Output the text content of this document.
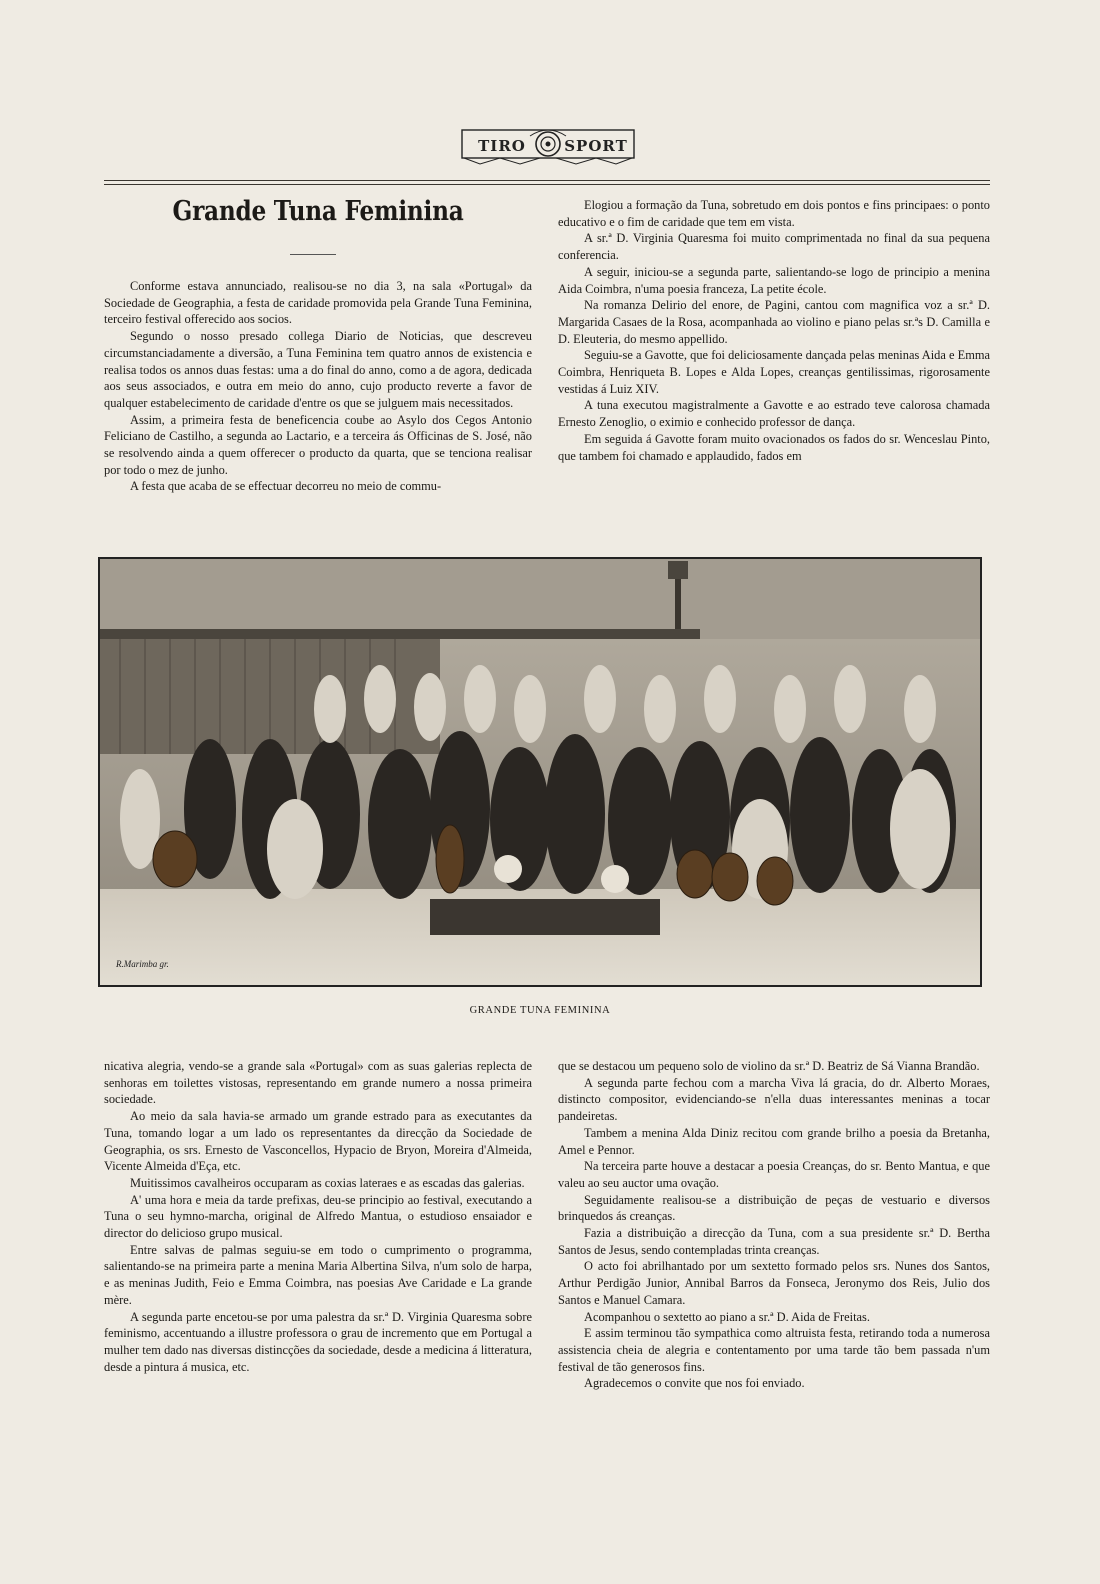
TIRO	SPORT
Grande Tuna Feminina

Conforme estava annunciado, realisou-se no dia 3, na sala «Portugal» da Sociedade de Geographia, a festa de caridade promovida pela Grande Tuna Feminina, terceiro festival offerecido aos socios.

Segundo o nosso presado collega Diario de Noticias, que descreveu circumstanciadamente a diversão, a Tuna Feminina tem quatro annos de existencia e realisa todos os annos duas festas: uma a do final do anno, como a de agora, dedicada aos seus associados, e outra em meio do anno, cujo producto reverte a favor de qualquer estabelecimento de caridade d'entre os que se julguem mais necessitados.

Assim, a primeira festa de beneficencia coube ao Asylo dos Cegos Antonio Feliciano de Castilho, a segunda ao Lactario, e a terceira ás Officinas de S. José, não se resolvendo ainda a quem offerecer o producto da quarta, que se tenciona realisar por todo o mez de junho.

A festa que acaba de se effectuar decorreu no meio de commu-

Elogiou a formação da Tuna, sobretudo em dois pontos e fins principaes: o ponto educativo e o fim de caridade que tem em vista.

A sr.ª D. Virginia Quaresma foi muito comprimentada no final da sua pequena conferencia.

A seguir, iniciou-se a segunda parte, salientando-se logo de principio a menina Aida Coimbra, n'uma poesia franceza, La petite école.

Na romanza Delirio del enore, de Pagini, cantou com magnifica voz a sr.ª D. Margarida Casaes de la Rosa, acompanhada ao violino e piano pelas sr.ªs D. Camilla e D. Eleuteria, do mesmo appellido.

Seguiu-se a Gavotte, que foi deliciosamente dançada pelas meninas Aida e Emma Coimbra, Henriqueta B. Lopes e Alda Lopes, creanças gentilissimas, rigorosamente vestidas á Luiz XIV.

A tuna executou magistralmente a Gavotte e ao estrado teve calorosa chamada Ernesto Zenoglio, o eximio e conhecido professor de dança.

Em seguida á Gavotte foram muito ovacionados os fados do sr. Wenceslau Pinto, que tambem foi chamado e applaudido, fados em

R.Marimba gr.
GRANDE TUNA FEMININA

nicativa alegria, vendo-se a grande sala «Portugal» com as suas galerias replecta de senhoras em toilettes vistosas, representando em grande numero a nossa primeira sociedade.

Ao meio da sala havia-se armado um grande estrado para as executantes da Tuna, tomando logar a um lado os representantes da direcção da Sociedade de Geographia, os srs. Ernesto de Vasconcellos, Hypacio de Bryon, Moreira d'Almeida, Vicente Almeida d'Eça, etc.

Muitissimos cavalheiros occuparam as coxias lateraes e as escadas das galerias.

A' uma hora e meia da tarde prefixas, deu-se principio ao festival, executando a Tuna o seu hymno-marcha, original de Alfredo Mantua, o estudioso ensaiador e director do delicioso grupo musical.

Entre salvas de palmas seguiu-se em todo o cumprimento o programma, salientando-se na primeira parte a menina Maria Albertina Silva, n'um solo de harpa, e as meninas Judith, Feio e Emma Coimbra, nas poesias Ave Caridade e La grande mère.

A segunda parte encetou-se por uma palestra da sr.ª D. Virginia Quaresma sobre feminismo, accentuando a illustre professora o grau de incremento que em Portugal a mulher tem dado nas diversas distincções da sociedade, desde a medicina á litteratura, desde a pintura á musica, etc.

que se destacou um pequeno solo de violino da sr.ª D. Beatriz de Sá Vianna Brandão.

A segunda parte fechou com a marcha Viva lá gracia, do dr. Alberto Moraes, distincto compositor, evidenciando-se n'ella duas interessantes meninas a tocar pandeiretas.

Tambem a menina Alda Diniz recitou com grande brilho a poesia da Bretanha, Amel e Pennor.

Na terceira parte houve a destacar a poesia Creanças, do sr. Bento Mantua, e que valeu ao seu auctor uma ovação.

Seguidamente realisou-se a distribuição de peças de vestuario e diversos brinquedos ás creanças.

Fazia a distribuição a direcção da Tuna, com a sua presidente sr.ª D. Bertha Santos de Jesus, sendo contempladas trinta creanças.

O acto foi abrilhantado por um sextetto formado pelos srs. Nunes dos Santos, Arthur Perdigão Junior, Annibal Barros da Fonseca, Jeronymo dos Reis, Julio dos Santos e Manuel Camara.

Acompanhou o sextetto ao piano a sr.ª D. Aida de Freitas.

E assim terminou tão sympathica como altruista festa, retirando toda a numerosa assistencia cheia de alegria e contentamento por uma tarde tão bem passada n'um festival de tão generosos fins.

Agradecemos o convite que nos foi enviado.
